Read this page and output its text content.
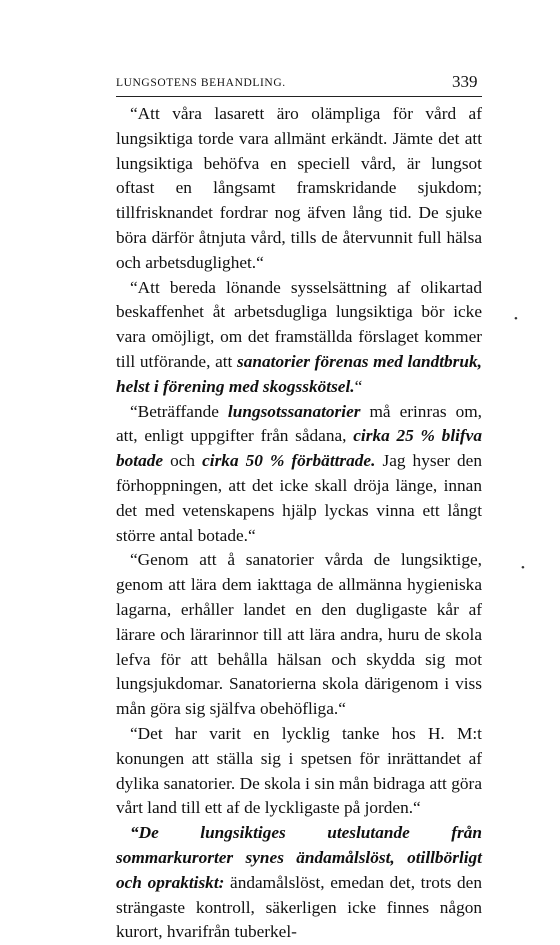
LUNGSOTENS BEHANDLING.	339

“Att våra lasarett äro olämpliga för vård af lungsiktiga torde vara allmänt erkändt. Jämte det att lungsiktiga behöfva en speciell vård, är lungsot oftast en långsamt framskridande sjukdom; tillfrisknandet fordrar nog äfven lång tid. De sjuke böra därför åtnjuta vård, tills de återvunnit full hälsa och arbetsduglighet.“

“Att bereda lönande sysselsättning af olikartad beskaffenhet åt arbetsdugliga lungsiktiga bör icke vara omöjligt, om det framställda förslaget kommer till utförande, att sanatorier förenas med landtbruk, helst i förening med skogsskötsel.“

“Beträffande lungsotssanatorier må erinras om, att, enligt uppgifter från sådana, cirka 25 % blifva botade och cirka 50 % förbättrade. Jag hyser den förhoppningen, att det icke skall dröja länge, innan det med vetenskapens hjälp lyckas vinna ett långt större antal botade.“

“Genom att å sanatorier vårda de lungsiktige, genom att lära dem iakttaga de allmänna hygieniska lagarna, erhåller landet en den dugligaste kår af lärare och lärarinnor till att lära andra, huru de skola lefva för att behålla hälsan och skydda sig mot lungsjukdomar. Sanatorierna skola därigenom i viss mån göra sig själfva obehöfliga.“

“Det har varit en lycklig tanke hos H. M:t konungen att ställa sig i spetsen för inrättandet af dylika sanatorier. De skola i sin mån bidraga att göra vårt land till ett af de lyckligaste på jorden.“

“De lungsiktiges uteslutande från sommarkurorter synes ändamålslöst, otillbörligt och opraktiskt: ändamålslöst, emedan det, trots den strängaste kontroll, säkerligen icke finnes någon kurort, hvarifrån tuberkel-

•
•
